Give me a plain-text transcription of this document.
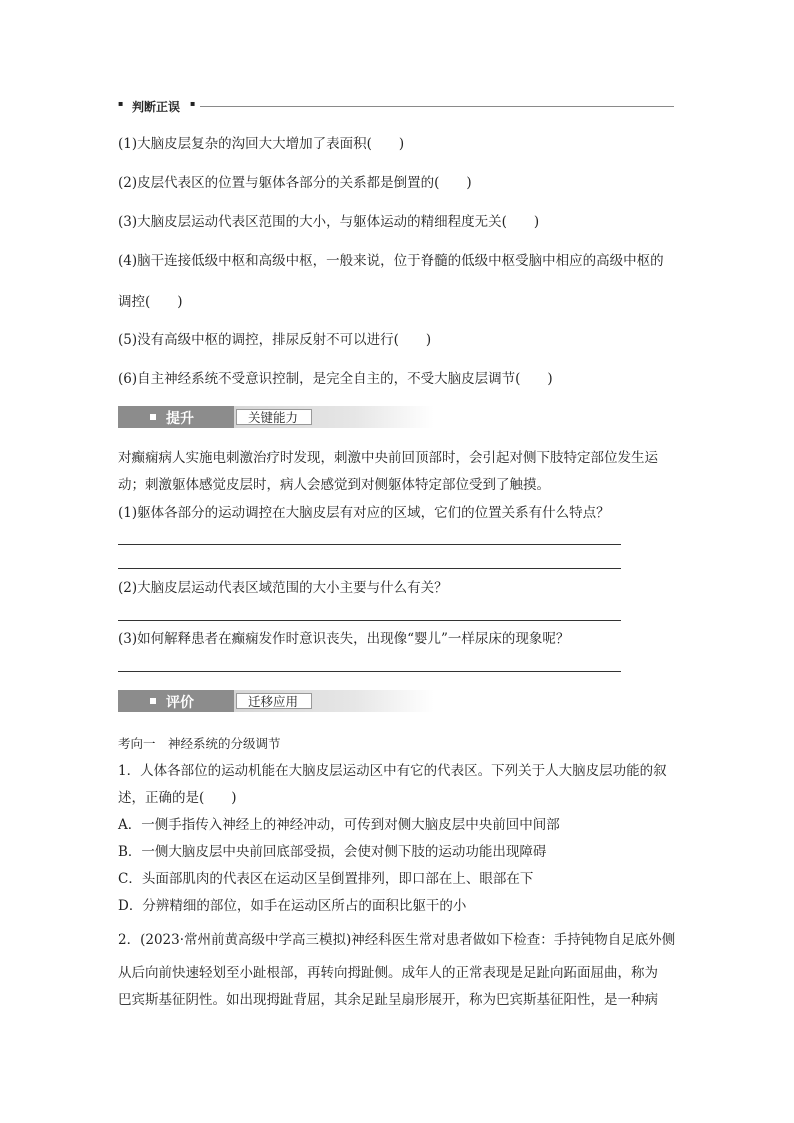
▪ 判断正误 ▪
(1)大脑皮层复杂的沟回大大增加了表面积(　　)
(2)皮层代表区的位置与躯体各部分的关系都是倒置的(　　)
(3)大脑皮层运动代表区范围的大小，与躯体运动的精细程度无关(　　)
(4)脑干连接低级中枢和高级中枢，一般来说，位于脊髓的低级中枢受脑中相应的高级中枢的
调控(　　)
(5)没有高级中枢的调控，排尿反射不可以进行(　　)
(6)自主神经系统不受意识控制，是完全自主的，不受大脑皮层调节(　　)
提升	关键能力
对癫痫病人实施电刺激治疗时发现，刺激中央前回顶部时，会引起对侧下肢特定部位发生运
动；刺激躯体感觉皮层时，病人会感觉到对侧躯体特定部位受到了触摸。
(1)躯体各部分的运动调控在大脑皮层有对应的区域，它们的位置关系有什么特点？
(2)大脑皮层运动代表区域范围的大小主要与什么有关？
(3)如何解释患者在癫痫发作时意识丧失，出现像“婴儿”一样尿床的现象呢？
评价	迁移应用
考向一　神经系统的分级调节
1．人体各部位的运动机能在大脑皮层运动区中有它的代表区。下列关于人大脑皮层功能的叙
述，正确的是(　　)
A．一侧手指传入神经上的神经冲动，可传到对侧大脑皮层中央前回中间部
B．一侧大脑皮层中央前回底部受损，会使对侧下肢的运动功能出现障碍
C．头面部肌肉的代表区在运动区呈倒置排列，即口部在上、眼部在下
D．分辨精细的部位，如手在运动区所占的面积比躯干的小
2．(2023·常州前黄高级中学高三模拟)神经科医生常对患者做如下检查：手持钝物自足底外侧
从后向前快速轻划至小趾根部，再转向拇趾侧。成年人的正常表现是足趾向跖面屈曲，称为
巴宾斯基征阴性。如出现拇趾背屈，其余足趾呈扇形展开，称为巴宾斯基征阳性，是一种病
